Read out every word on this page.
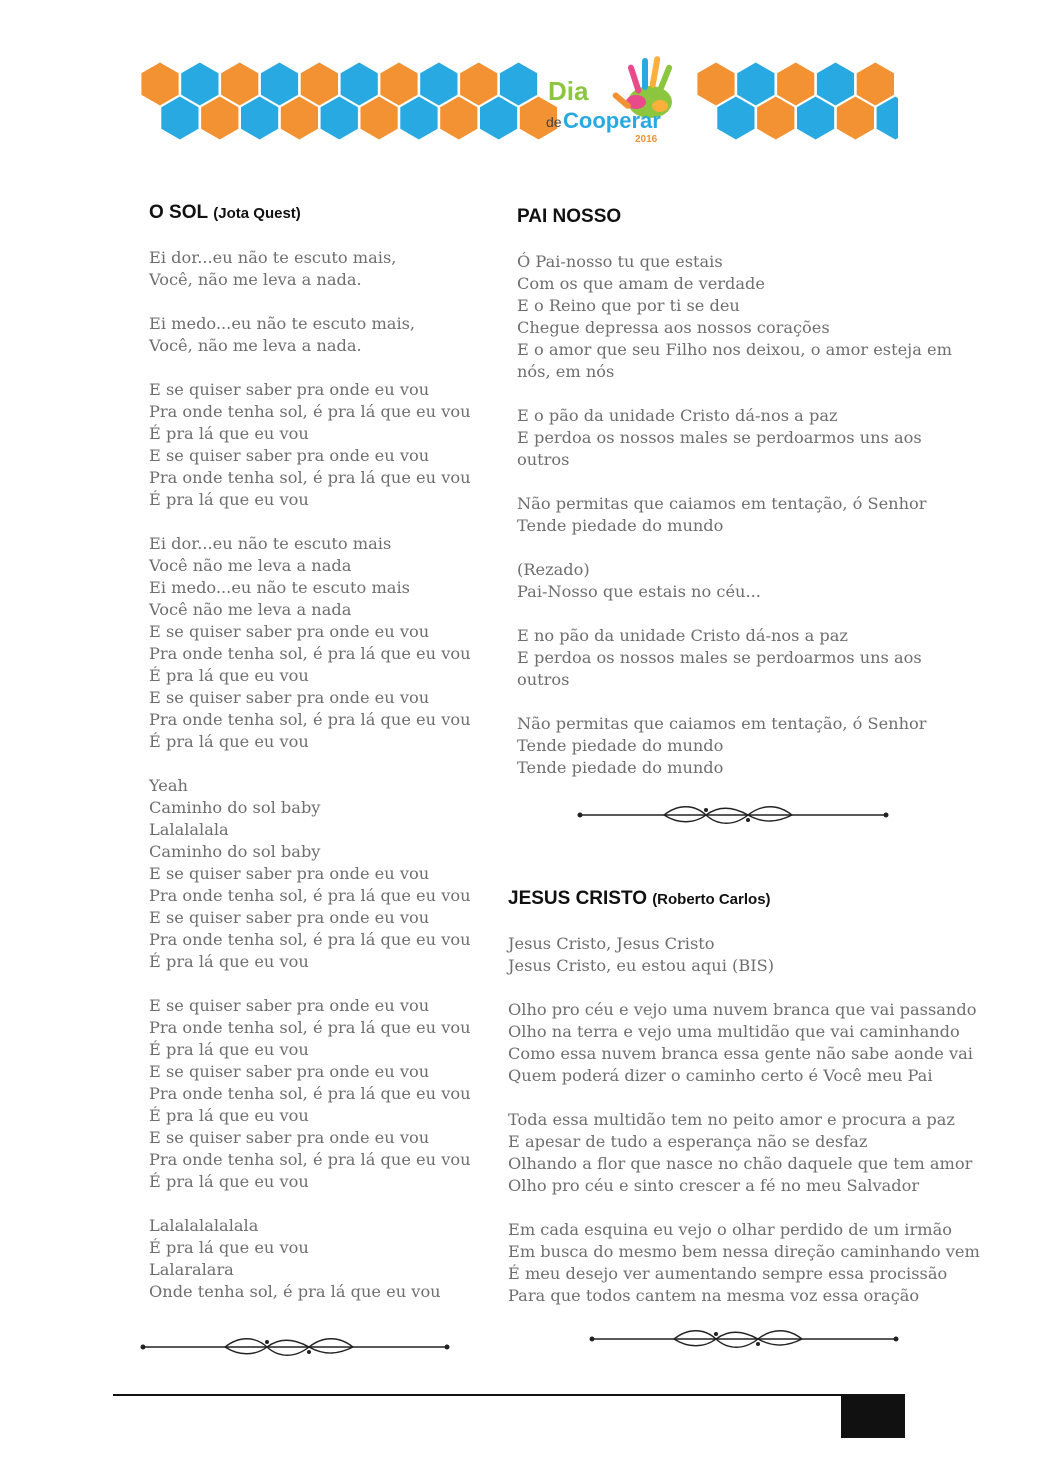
Dia
de Cooperar
2016
O SOL (Jota Quest)
Ei dor...eu não te escuto mais,
Você, não me leva a nada.
Ei medo...eu não te escuto mais,
Você, não me leva a nada.
E se quiser saber pra onde eu vou
Pra onde tenha sol, é pra lá que eu vou
É pra lá que eu vou
E se quiser saber pra onde eu vou
Pra onde tenha sol, é pra lá que eu vou
É pra lá que eu vou
Ei dor...eu não te escuto mais
Você não me leva a nada
Ei medo...eu não te escuto mais
Você não me leva a nada
E se quiser saber pra onde eu vou
Pra onde tenha sol, é pra lá que eu vou
É pra lá que eu vou
E se quiser saber pra onde eu vou
Pra onde tenha sol, é pra lá que eu vou
É pra lá que eu vou
Yeah
Caminho do sol baby
Lalalalala
Caminho do sol baby
E se quiser saber pra onde eu vou
Pra onde tenha sol, é pra lá que eu vou
E se quiser saber pra onde eu vou
Pra onde tenha sol, é pra lá que eu vou
É pra lá que eu vou
E se quiser saber pra onde eu vou
Pra onde tenha sol, é pra lá que eu vou
É pra lá que eu vou
E se quiser saber pra onde eu vou
Pra onde tenha sol, é pra lá que eu vou
É pra lá que eu vou
E se quiser saber pra onde eu vou
Pra onde tenha sol, é pra lá que eu vou
É pra lá que eu vou
Lalalalalalala
É pra lá que eu vou
Lalaralara
Onde tenha sol, é pra lá que eu vou
PAI NOSSO
Ó Pai-nosso tu que estais
Com os que amam de verdade
E o Reino que por ti se deu
Chegue depressa aos nossos corações
E o amor que seu Filho nos deixou, o amor esteja em
nós, em nós
E o pão da unidade Cristo dá-nos a paz
E perdoa os nossos males se perdoarmos uns aos
outros
Não permitas que caiamos em tentação, ó Senhor
Tende piedade do mundo
(Rezado)
Pai-Nosso que estais no céu...
E no pão da unidade Cristo dá-nos a paz
E perdoa os nossos males se perdoarmos uns aos
outros
Não permitas que caiamos em tentação, ó Senhor
Tende piedade do mundo
Tende piedade do mundo
JESUS CRISTO (Roberto Carlos)
Jesus Cristo, Jesus Cristo
Jesus Cristo, eu estou aqui (BIS)
Olho pro céu e vejo uma nuvem branca que vai passando
Olho na terra e vejo uma multidão que vai caminhando
Como essa nuvem branca essa gente não sabe aonde vai
Quem poderá dizer o caminho certo é Você meu Pai
Toda essa multidão tem no peito amor e procura a paz
E apesar de tudo a esperança não se desfaz
Olhando a flor que nasce no chão daquele que tem amor
Olho pro céu e sinto crescer a fé no meu Salvador
Em cada esquina eu vejo o olhar perdido de um irmão
Em busca do mesmo bem nessa direção caminhando vem
É meu desejo ver aumentando sempre essa procissão
Para que todos cantem na mesma voz essa oração
